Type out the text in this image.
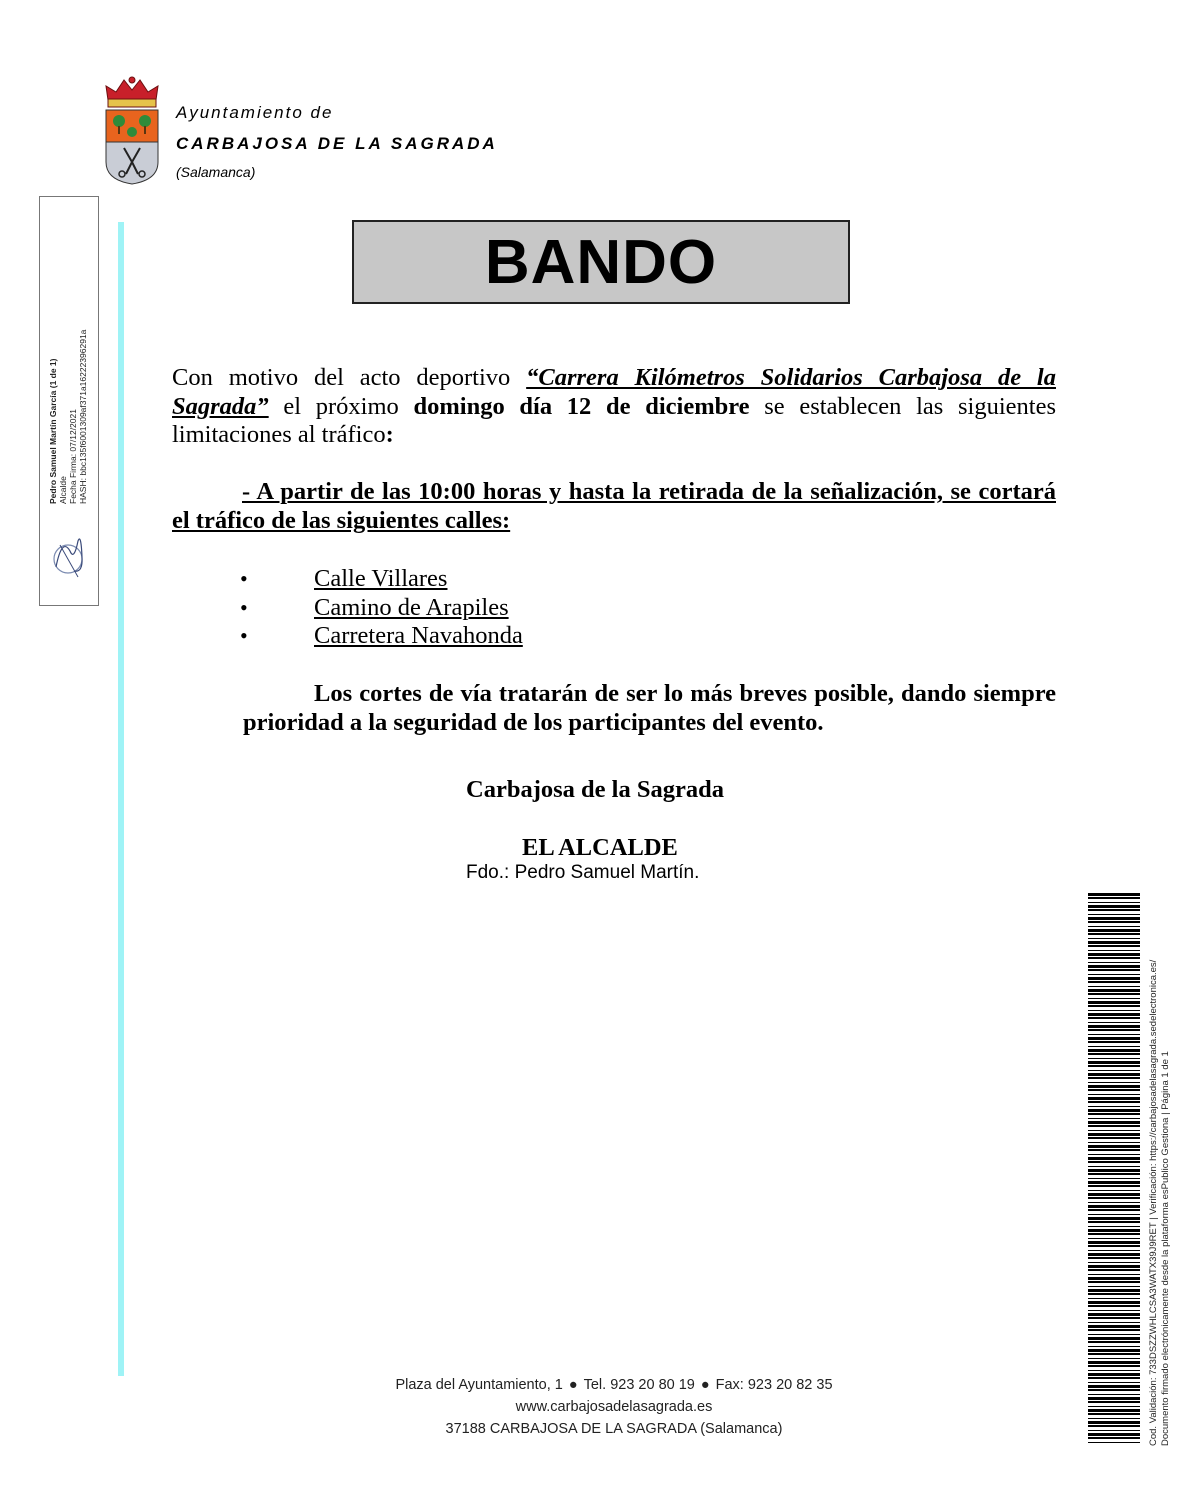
Ayuntamiento de
CARBAJOSA DE LA SAGRADA
(Salamanca)
Pedro Samuel Martín García (1 de 1) Alcalde Fecha Firma: 07/12/2021 HASH: bbc135f6001309af371a16222396291a
BANDO
Con motivo del acto deportivo “Carrera Kilómetros Solidarios Carbajosa de la Sagrada” el próximo domingo día 12 de diciembre se establecen las siguientes limitaciones al tráfico:
- A partir de las 10:00 horas y hasta la retirada de la señalización, se cortará el tráfico de las siguientes calles:
•	Calle Villares
•	Camino de Arapiles
•	Carretera Navahonda
Los cortes de vía tratarán de ser lo más breves posible, dando siempre prioridad a la seguridad de los participantes del evento.
Carbajosa de la Sagrada
EL ALCALDE
Fdo.: Pedro Samuel Martín.
Cod. Validación: 733DSZZWHLCSA3WATX39J9RET | Verificación: https://carbajosadelasagrada.sedelectronica.es/ Documento firmado electrónicamente desde la plataforma esPublico Gestiona | Página 1 de 1
Plaza del Ayuntamiento, 1 ● Tel. 923 20 80 19 ● Fax: 923 20 82 35
www.carbajosadelasagrada.es
37188 CARBAJOSA DE LA SAGRADA (Salamanca)
